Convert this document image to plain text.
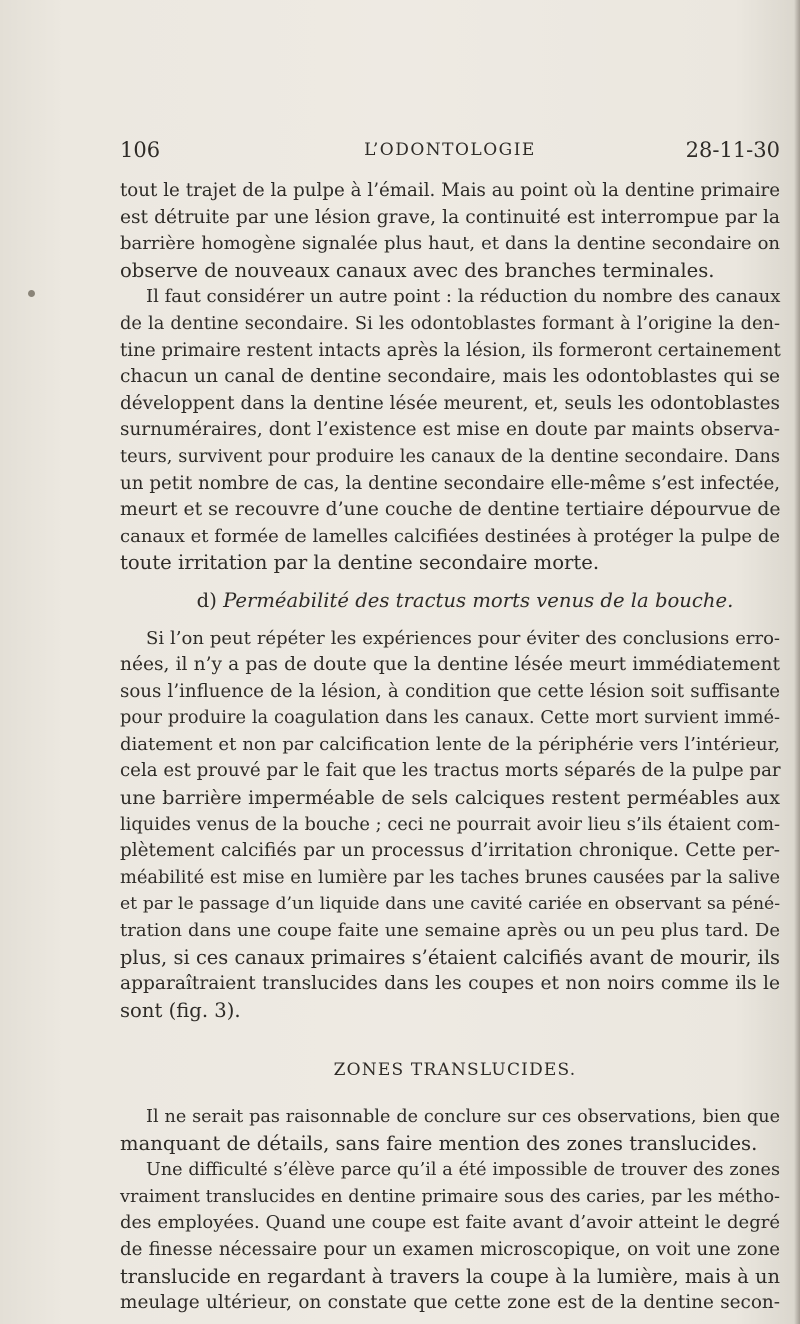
106	L’ODONTOLOGIE	28-11-30
tout le trajet de la pulpe à l’émail. Mais au point où la dentine primaire
est détruite par une lésion grave, la continuité est interrompue par la
barrière homogène signalée plus haut, et dans la dentine secondaire on
observe de nouveaux canaux avec des branches terminales.
Il faut considérer un autre point : la réduction du nombre des canaux
de la dentine secondaire. Si les odontoblastes formant à l’origine la den-
tine primaire restent intacts après la lésion, ils formeront certainement
chacun un canal de dentine secondaire, mais les odontoblastes qui se
développent dans la dentine lésée meurent, et, seuls les odontoblastes
surnuméraires, dont l’existence est mise en doute par maints observa-
teurs, survivent pour produire les canaux de la dentine secondaire. Dans
un petit nombre de cas, la dentine secondaire elle-même s’est infectée,
meurt et se recouvre d’une couche de dentine tertiaire dépourvue de
canaux et formée de lamelles calcifiées destinées à protéger la pulpe de
toute irritation par la dentine secondaire morte.
d) Perméabilité des tractus morts venus de la bouche.
Si l’on peut répéter les expériences pour éviter des conclusions erro-
nées, il n’y a pas de doute que la dentine lésée meurt immédiatement
sous l’influence de la lésion, à condition que cette lésion soit suffisante
pour produire la coagulation dans les canaux. Cette mort survient immé-
diatement et non par calcification lente de la périphérie vers l’intérieur,
cela est prouvé par le fait que les tractus morts séparés de la pulpe par
une barrière imperméable de sels calciques restent perméables aux
liquides venus de la bouche ; ceci ne pourrait avoir lieu s’ils étaient com-
plètement calcifiés par un processus d’irritation chronique. Cette per-
méabilité est mise en lumière par les taches brunes causées par la salive
et par le passage d’un liquide dans une cavité cariée en observant sa péné-
tration dans une coupe faite une semaine après ou un peu plus tard. De
plus, si ces canaux primaires s’étaient calcifiés avant de mourir, ils
apparaîtraient translucides dans les coupes et non noirs comme ils le
sont (fig. 3).
ZONES TRANSLUCIDES.
Il ne serait pas raisonnable de conclure sur ces observations, bien que
manquant de détails, sans faire mention des zones translucides.
Une difficulté s’élève parce qu’il a été impossible de trouver des zones
vraiment translucides en dentine primaire sous des caries, par les métho-
des employées. Quand une coupe est faite avant d’avoir atteint le degré
de finesse nécessaire pour un examen microscopique, on voit une zone
translucide en regardant à travers la coupe à la lumière, mais à un
meulage ultérieur, on constate que cette zone est de la dentine secon-
